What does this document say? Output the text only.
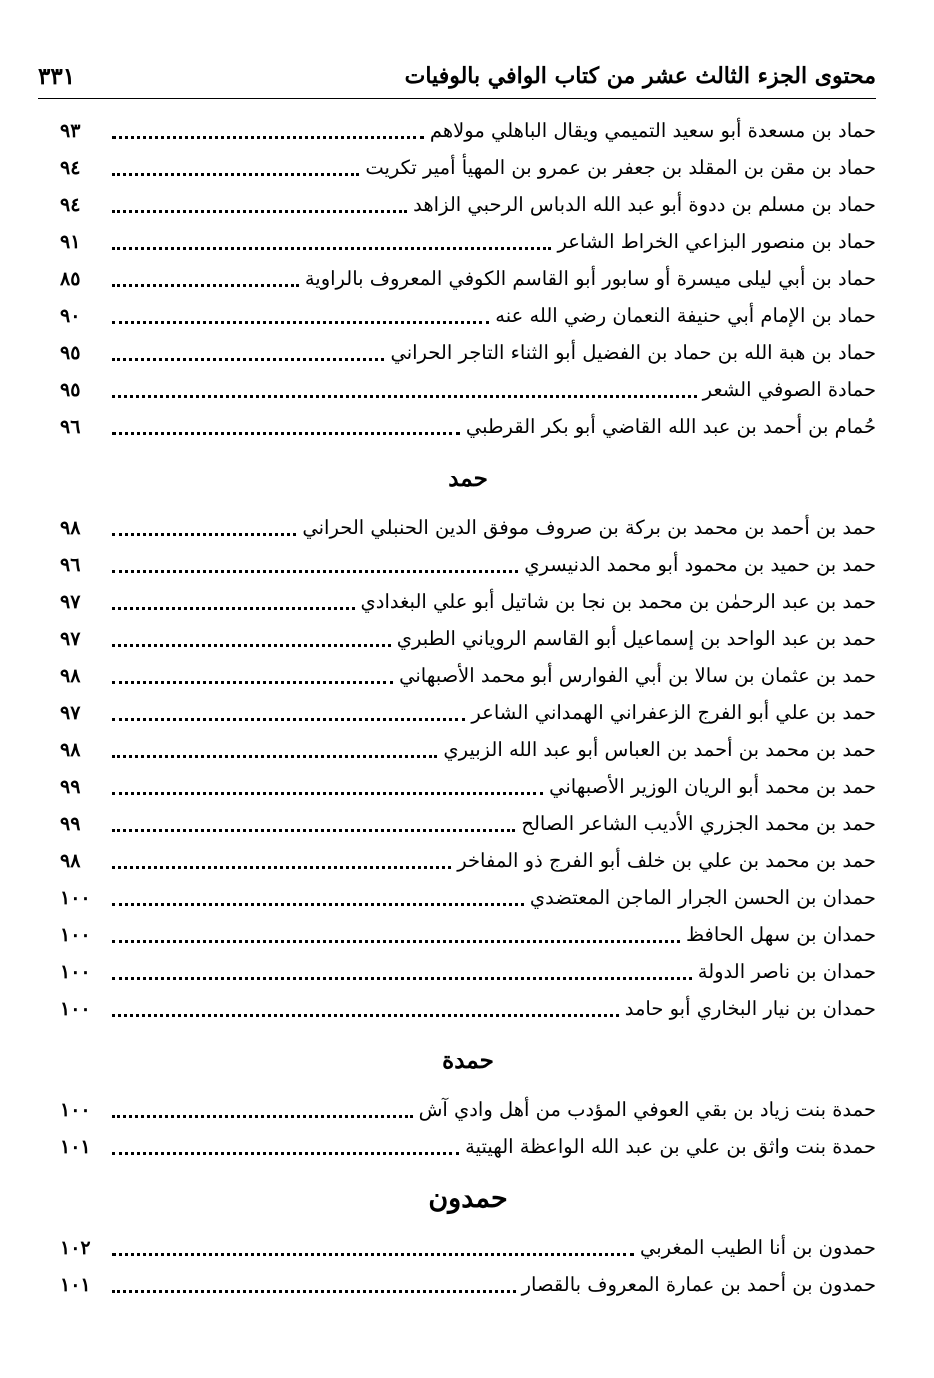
محتوى الجزء الثالث عشر من كتاب الوافي بالوفيات
٣٣١
حماد بن مسعدة أبو سعيد التميمي ويقال الباهلي مولاهم
٩٣
حماد بن مقن بن المقلد بن جعفر بن عمرو بن المهيأ أمير تكريت
٩٤
حماد بن مسلم بن ددوة أبو عبد الله الدباس الرحبي الزاهد
٩٤
حماد بن منصور البزاعي الخراط الشاعر
٩١
حماد بن أبي ليلى ميسرة أو سابور أبو القاسم الكوفي المعروف بالراوية
٨٥
حماد بن الإمام أبي حنيفة النعمان رضي الله عنه
٩٠
حماد بن هبة الله بن حماد بن الفضيل أبو الثناء التاجر الحراني
٩٥
حمادة الصوفي الشعر
٩٥
حُمام بن أحمد بن عبد الله القاضي أبو بكر القرطبي
٩٦
حمد
حمد بن أحمد بن محمد بن بركة بن صروف موفق الدين الحنبلي الحراني
٩٨
حمد بن حميد بن محمود أبو محمد الدنيسري
٩٦
حمد بن عبد الرحمٰن بن محمد بن نجا بن شاتيل أبو علي البغدادي
٩٧
حمد بن عبد الواحد بن إسماعيل أبو القاسم الروياني الطبري
٩٧
حمد بن عثمان بن سالا بن أبي الفوارس أبو محمد الأصبهاني
٩٨
حمد بن علي أبو الفرج الزعفراني الهمداني الشاعر
٩٧
حمد بن محمد بن أحمد بن العباس أبو عبد الله الزبيري
٩٨
حمد بن محمد أبو الريان الوزير الأصبهاني
٩٩
حمد بن محمد الجزري الأديب الشاعر الصالح
٩٩
حمد بن محمد بن علي بن خلف أبو الفرج ذو المفاخر
٩٨
حمدان بن الحسن الجرار الماجن المعتضدي
١٠٠
حمدان بن سهل الحافظ
١٠٠
حمدان بن ناصر الدولة
١٠٠
حمدان بن نيار البخاري أبو حامد
١٠٠
حمدة
حمدة بنت زياد بن بقي العوفي المؤدب من أهل وادي آش
١٠٠
حمدة بنت واثق بن علي بن عبد الله الواعظة الهيتية
١٠١
حمدون
حمدون بن أنا الطيب المغربي
١٠٢
حمدون بن أحمد بن عمارة المعروف بالقصار
١٠١
